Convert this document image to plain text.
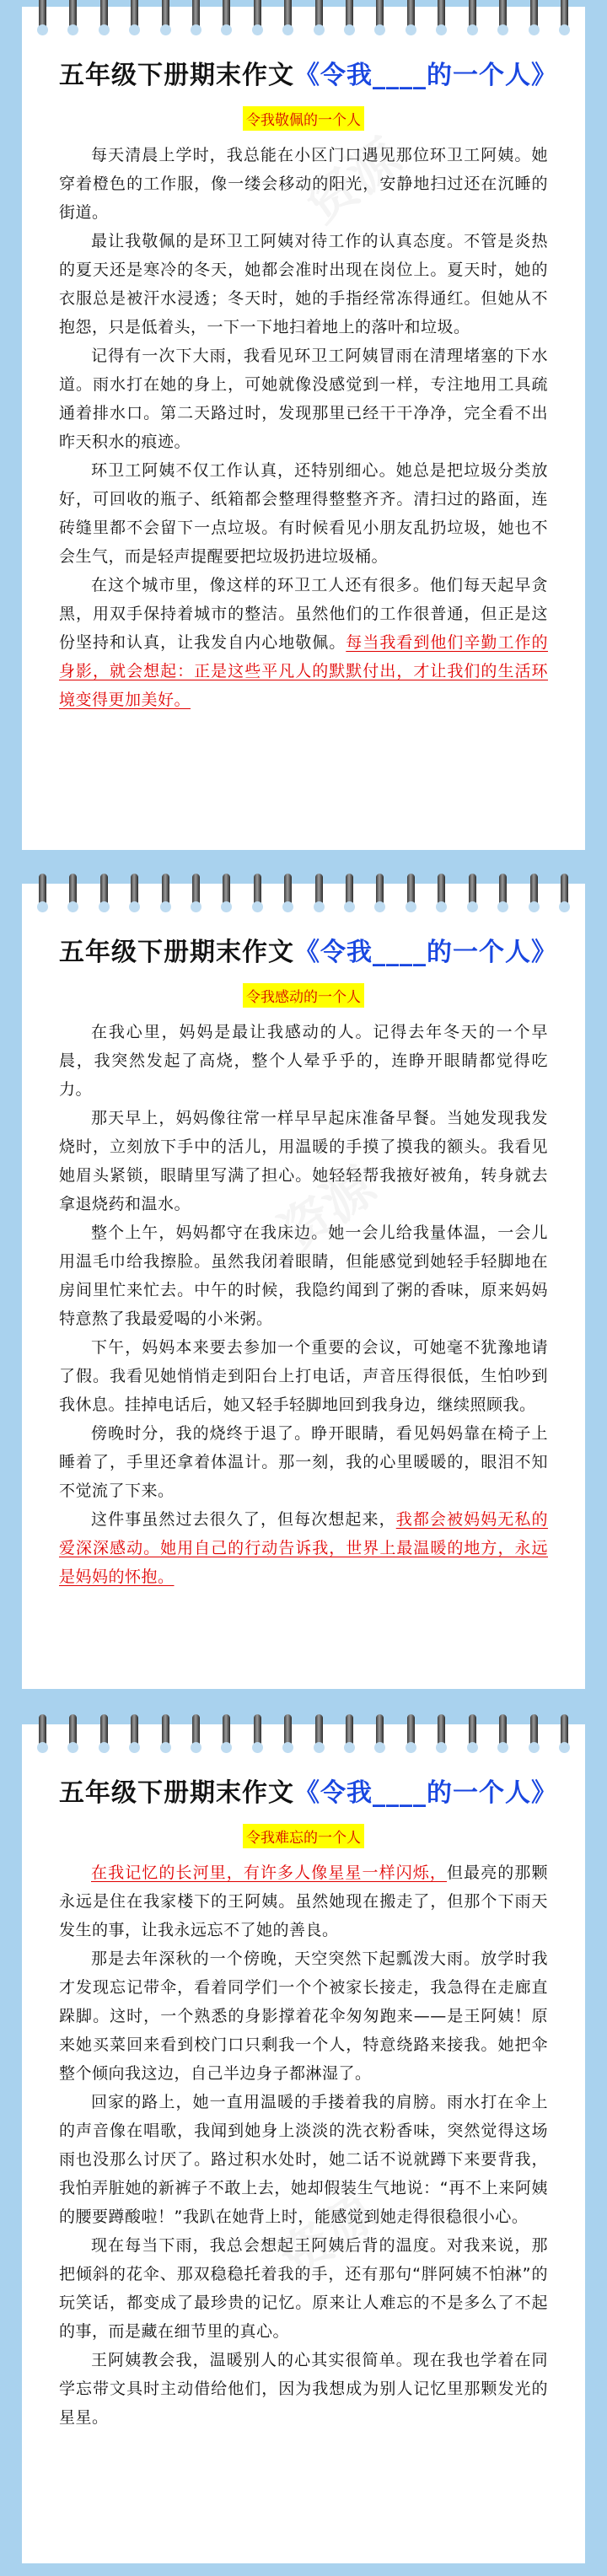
五年级下册期末作文《令我____的一个人》
令我敬佩的一个人

每天清晨上学时，我总能在小区门口遇见那位环卫工阿姨。她穿着橙色的工作服，像一缕会移动的阳光，安静地扫过还在沉睡的街道。

最让我敬佩的是环卫工阿姨对待工作的认真态度。不管是炎热的夏天还是寒冷的冬天，她都会准时出现在岗位上。夏天时，她的衣服总是被汗水浸透；冬天时，她的手指经常冻得通红。但她从不抱怨，只是低着头，一下一下地扫着地上的落叶和垃圾。

记得有一次下大雨，我看见环卫工阿姨冒雨在清理堵塞的下水道。雨水打在她的身上，可她就像没感觉到一样，专注地用工具疏通着排水口。第二天路过时，发现那里已经干干净净，完全看不出昨天积水的痕迹。

环卫工阿姨不仅工作认真，还特别细心。她总是把垃圾分类放好，可回收的瓶子、纸箱都会整理得整整齐齐。清扫过的路面，连砖缝里都不会留下一点垃圾。有时候看见小朋友乱扔垃圾，她也不会生气，而是轻声提醒要把垃圾扔进垃圾桶。

在这个城市里，像这样的环卫工人还有很多。他们每天起早贪黑，用双手保持着城市的整洁。虽然他们的工作很普通，但正是这份坚持和认真，让我发自内心地敬佩。每当我看到他们辛勤工作的身影，就会想起：正是这些平凡人的默默付出，才让我们的生活环境变得更加美好。

资源
五年级下册期末作文《令我____的一个人》
令我感动的一个人

在我心里，妈妈是最让我感动的人。记得去年冬天的一个早晨，我突然发起了高烧，整个人晕乎乎的，连睁开眼睛都觉得吃力。

那天早上，妈妈像往常一样早早起床准备早餐。当她发现我发烧时，立刻放下手中的活儿，用温暖的手摸了摸我的额头。我看见她眉头紧锁，眼睛里写满了担心。她轻轻帮我掖好被角，转身就去拿退烧药和温水。

整个上午，妈妈都守在我床边。她一会儿给我量体温，一会儿用温毛巾给我擦脸。虽然我闭着眼睛，但能感觉到她轻手轻脚地在房间里忙来忙去。中午的时候，我隐约闻到了粥的香味，原来妈妈特意熬了我最爱喝的小米粥。

下午，妈妈本来要去参加一个重要的会议，可她毫不犹豫地请了假。我看见她悄悄走到阳台上打电话，声音压得很低，生怕吵到我休息。挂掉电话后，她又轻手轻脚地回到我身边，继续照顾我。

傍晚时分，我的烧终于退了。睁开眼睛，看见妈妈靠在椅子上睡着了，手里还拿着体温计。那一刻，我的心里暖暖的，眼泪不知不觉流了下来。

这件事虽然过去很久了，但每次想起来，我都会被妈妈无私的爱深深感动。她用自己的行动告诉我，世界上最温暖的地方，永远是妈妈的怀抱。

资源
五年级下册期末作文《令我____的一个人》
令我难忘的一个人

在我记忆的长河里，有许多人像星星一样闪烁，但最亮的那颗永远是住在我家楼下的王阿姨。虽然她现在搬走了，但那个下雨天发生的事，让我永远忘不了她的善良。

那是去年深秋的一个傍晚，天空突然下起瓢泼大雨。放学时我才发现忘记带伞，看着同学们一个个被家长接走，我急得在走廊直跺脚。这时，一个熟悉的身影撑着花伞匆匆跑来——是王阿姨！原来她买菜回来看到校门口只剩我一个人，特意绕路来接我。她把伞整个倾向我这边，自己半边身子都淋湿了。

回家的路上，她一直用温暖的手搂着我的肩膀。雨水打在伞上的声音像在唱歌，我闻到她身上淡淡的洗衣粉香味，突然觉得这场雨也没那么讨厌了。路过积水处时，她二话不说就蹲下来要背我，我怕弄脏她的新裤子不敢上去，她却假装生气地说：“再不上来阿姨的腰要蹲酸啦！”我趴在她背上时，能感觉到她走得很稳很小心。

现在每当下雨，我总会想起王阿姨后背的温度。对我来说，那把倾斜的花伞、那双稳稳托着我的手，还有那句“胖阿姨不怕淋”的玩笑话，都变成了最珍贵的记忆。原来让人难忘的不是多么了不起的事，而是藏在细节里的真心。

王阿姨教会我，温暖别人的心其实很简单。现在我也学着在同学忘带文具时主动借给他们，因为我想成为别人记忆里那颗发光的星星。

资源
